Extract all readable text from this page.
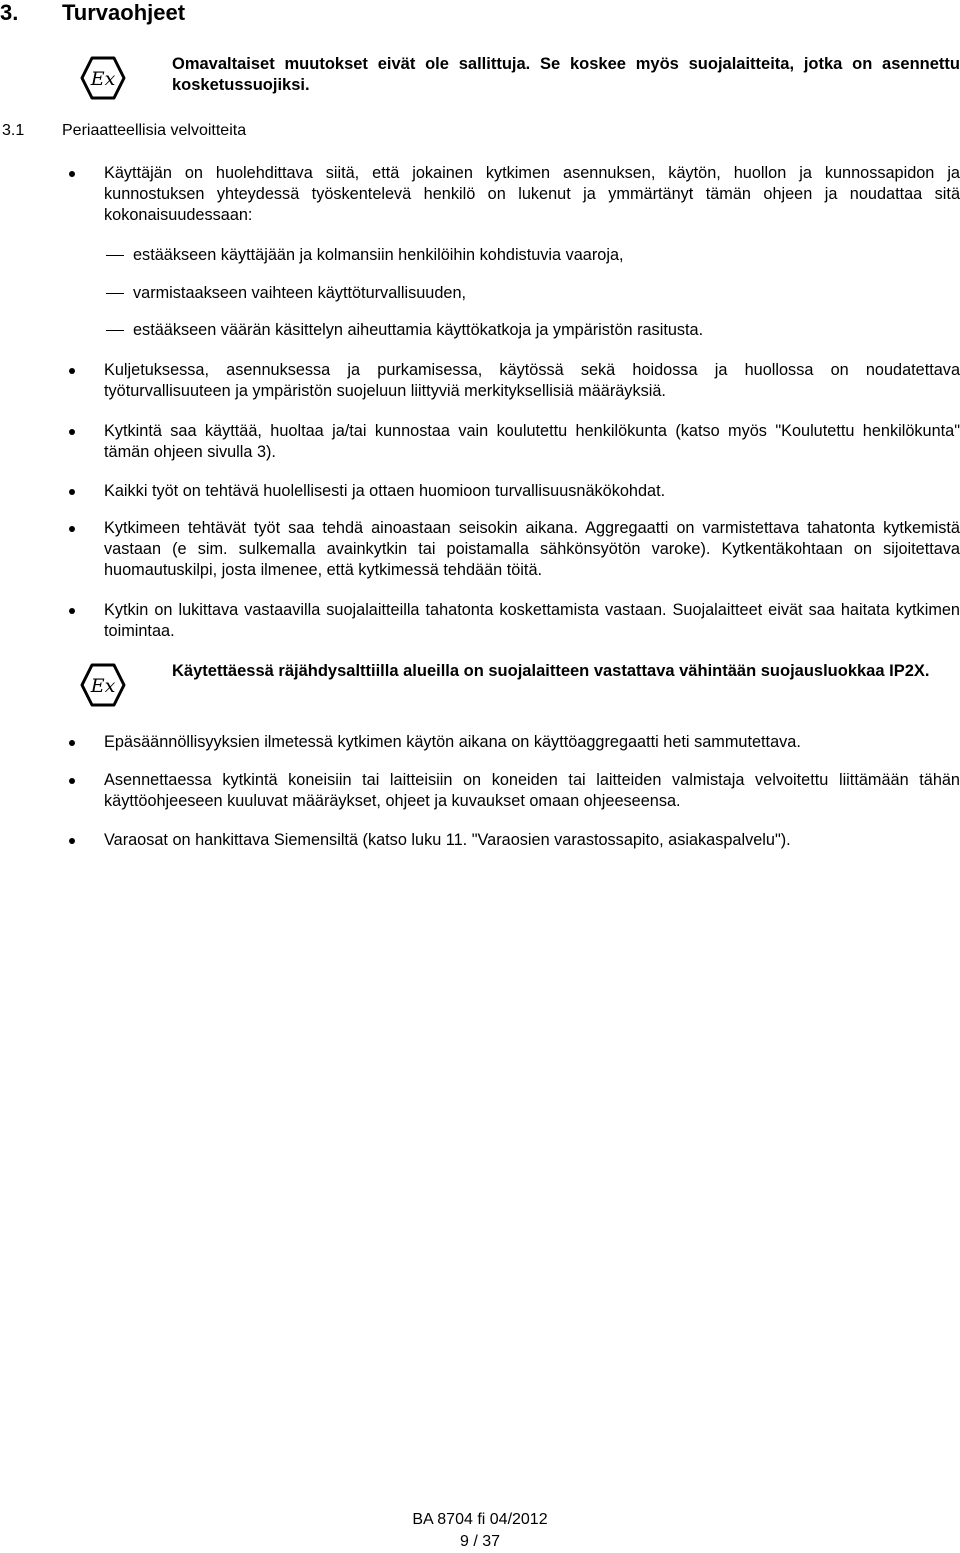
3. Turvaohjeet
Ex
Omavaltaiset muutokset eivät ole sallittuja. Se koskee myös suojalaitteita, jotka on asennettu kosketussuojiksi.
3.1 Periaatteellisia velvoitteita
Käyttäjän on huolehdittava siitä, että jokainen kytkimen asennuksen, käytön, huollon ja kunnossapidon ja kunnostuksen yhteydessä työskentelevä henkilö on lukenut ja ymmärtänyt tämän ohjeen ja noudattaa sitä kokonaisuudessaan:
estääkseen käyttäjään ja kolmansiin henkilöihin kohdistuvia vaaroja,
varmistaakseen vaihteen käyttöturvallisuuden,
estääkseen väärän käsittelyn aiheuttamia käyttökatkoja ja ympäristön rasitusta.
Kuljetuksessa, asennuksessa ja purkamisessa, käytössä sekä hoidossa ja huollossa on noudatettava työturvallisuuteen ja ympäristön suojeluun liittyviä merkityksellisiä määräyksiä.
Kytkintä saa käyttää, huoltaa ja/tai kunnostaa vain koulutettu henkilökunta (katso myös "Koulutettu henkilökunta" tämän ohjeen sivulla 3).
Kaikki työt on tehtävä huolellisesti ja ottaen huomioon turvallisuusnäkökohdat.
Kytkimeen tehtävät työt saa tehdä ainoastaan seisokin aikana. Aggregaatti on varmistettava tahatonta kytkemistä vastaan (e sim. sulkemalla avainkytkin tai poistamalla sähkönsyötön varoke). Kytkentäkohtaan on sijoitettava huomautuskilpi, josta ilmenee, että kytkimessä tehdään töitä.
Kytkin on lukittava vastaavilla suojalaitteilla tahatonta koskettamista vastaan. Suojalaitteet eivät saa haitata kytkimen toimintaa.
Ex
Käytettäessä räjähdysalttiilla alueilla on suojalaitteen vastattava vähintään suojausluokkaa IP2X.
Epäsäännöllisyyksien ilmetessä kytkimen käytön aikana on käyttöaggregaatti heti sammutettava.
Asennettaessa kytkintä koneisiin tai laitteisiin on koneiden tai laitteiden valmistaja velvoitettu liittämään tähän käyttöohjeeseen kuuluvat määräykset, ohjeet ja kuvaukset omaan ohjeeseensa.
Varaosat on hankittava Siemensiltä (katso luku 11. "Varaosien varastossapito, asiakaspalvelu").
BA 8704 fi 04/2012
9 / 37
